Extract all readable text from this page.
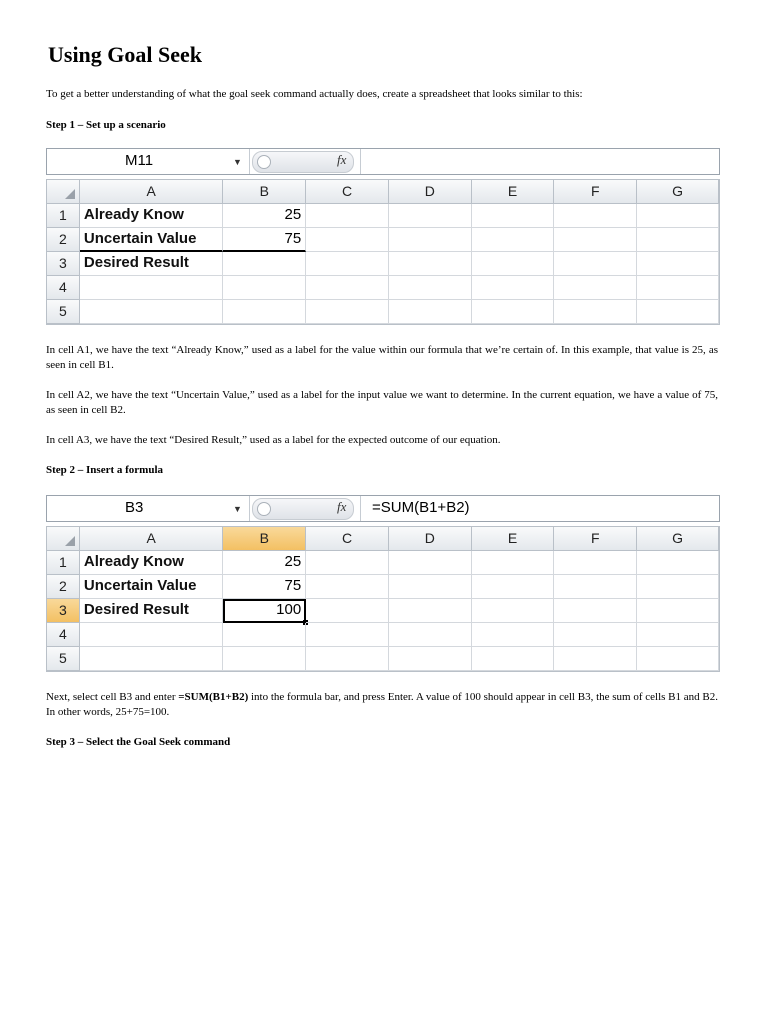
Using Goal Seek
To get a better understanding of what the goal seek command actually does, create a spreadsheet that looks similar to this:
Step 1 – Set up a scenario
M11	▼	fx
A	B	C	D	E	F	G
1	Already Know	25
2	Uncertain Value	75
3	Desired Result
4
5
In cell A1, we have the text “Already Know,” used as a label for the value within our formula that we’re certain of. In this example, that value is 25, as seen in cell B1.
In cell A2, we have the text “Uncertain Value,” used as a label for the input value we want to determine. In the current equation, we have a value of 75, as seen in cell B2.
In cell A3, we have the text “Desired Result,” used as a label for the expected outcome of our equation.
Step 2 – Insert a formula
B3	▼	fx =SUM(B1+B2)
A	B	C	D	E	F	G
1	Already Know	25
2	Uncertain Value	75
3	Desired Result	100
4
5
Next, select cell B3 and enter =SUM(B1+B2) into the formula bar, and press Enter. A value of 100 should appear in cell B3, the sum of cells B1 and B2. In other words, 25+75=100.
Step 3 – Select the Goal Seek command
